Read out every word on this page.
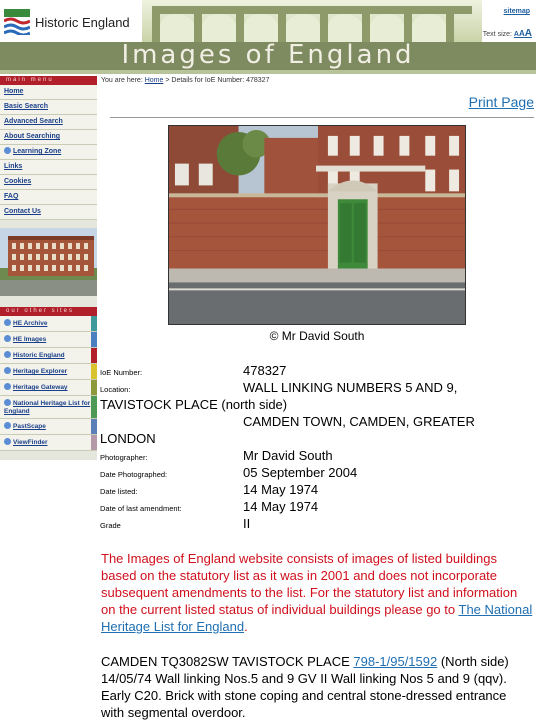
Historic England
sitemap
Text size: AAA
Images of England
main menu
Home
Basic Search
Advanced Search
About Searching
Learning Zone
Links
Cookies
FAQ
Contact Us
our other sites
HE Archive
HE Images
Historic England
Heritage Explorer
Heritage Gateway
National Heritage List for England
PastScape
ViewFinder
You are here: Home > Details for IoE Number: 478327
Print Page
© Mr David South
IoE Number:	478327
Location:	WALL LINKING NUMBERS 5 AND 9,
TAVISTOCK PLACE (north side)
CAMDEN TOWN, CAMDEN, GREATER
LONDON
Photographer:	Mr David South
Date Photographed:	05 September 2004
Date listed:	14 May 1974
Date of last amendment:	14 May 1974
Grade	II
The Images of England website consists of images of listed buildings based on the statutory list as it was in 2001 and does not incorporate subsequent amendments to the list. For the statutory list and information on the current listed status of individual buildings please go to The National Heritage List for England.
CAMDEN TQ3082SW TAVISTOCK PLACE 798-1/95/1592 (North side) 14/05/74 Wall linking Nos.5 and 9 GV II Wall linking Nos 5 and 9 (qqv). Early C20. Brick with stone coping and central stone-dressed entrance with segmental overdoor.
